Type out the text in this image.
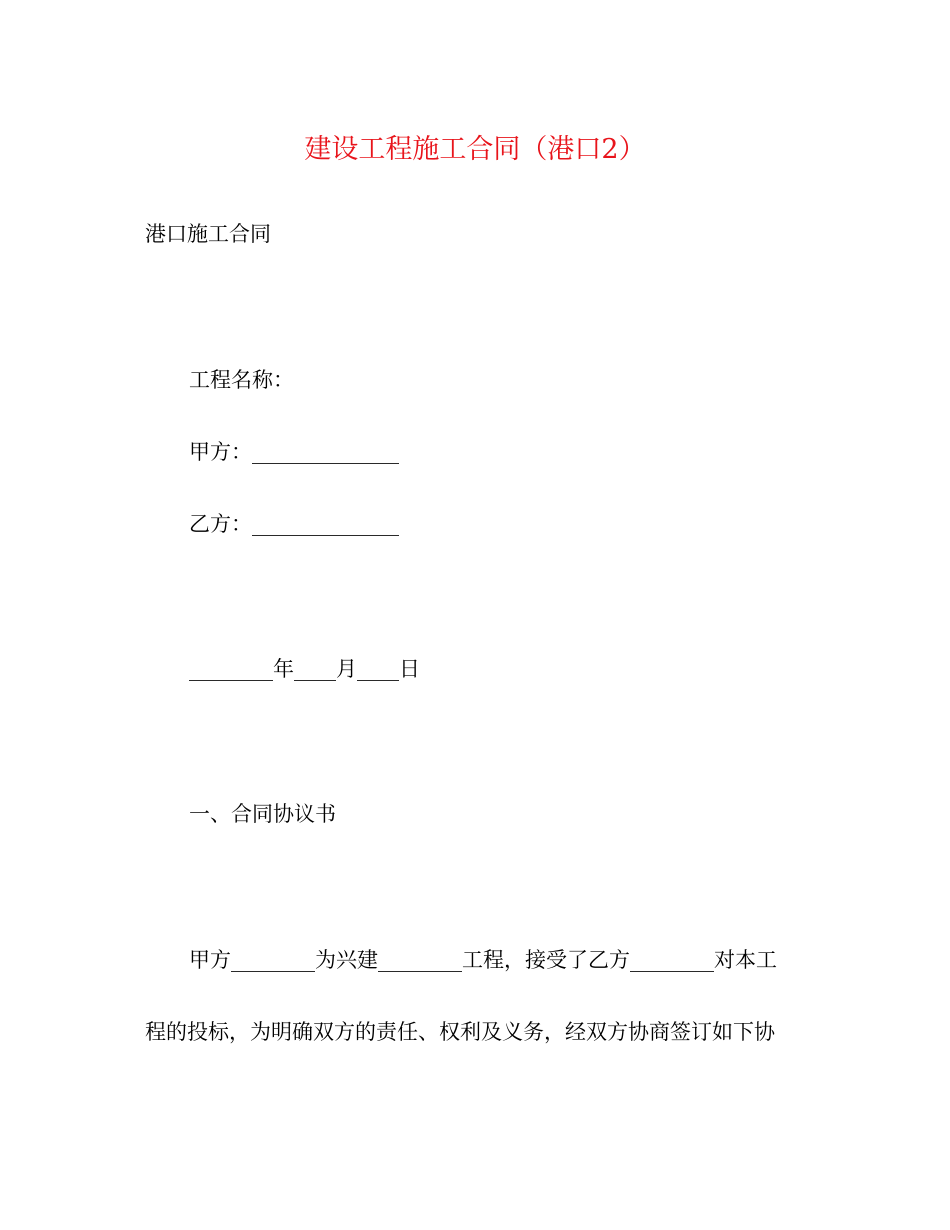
建设工程施工合同（港口2）
港口施工合同
工程名称：
甲方：______________
乙方：______________
________年____月____日
一、合同协议书
甲方________为兴建________工程，接受了乙方________对本工
程的投标，为明确双方的责任、权利及义务，经双方协商签订如下协
